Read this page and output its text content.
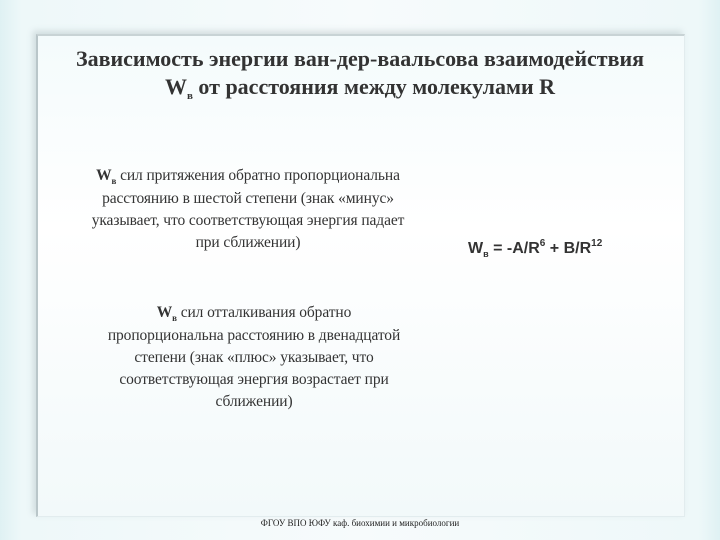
Зависимость энергии ван-дер-ваальсова взаимодействия
$W_в$ от расстояния между молекулами R
$W_в$ сил притяжения обратно пропорциональна
расстоянию в шестой степени (знак «минус»
указывает, что соответствующая энергия падает
при сближении)
$W_в$ сил отталкивания обратно
пропорциональна расстоянию в двенадцатой
степени (знак «плюс» указывает, что
соответствующая энергия возрастает при
сближении)
$W_в = -A/R^6 + B/R^{12}$
ФГОУ ВПО ЮФУ каф. биохимии и микробиологии
